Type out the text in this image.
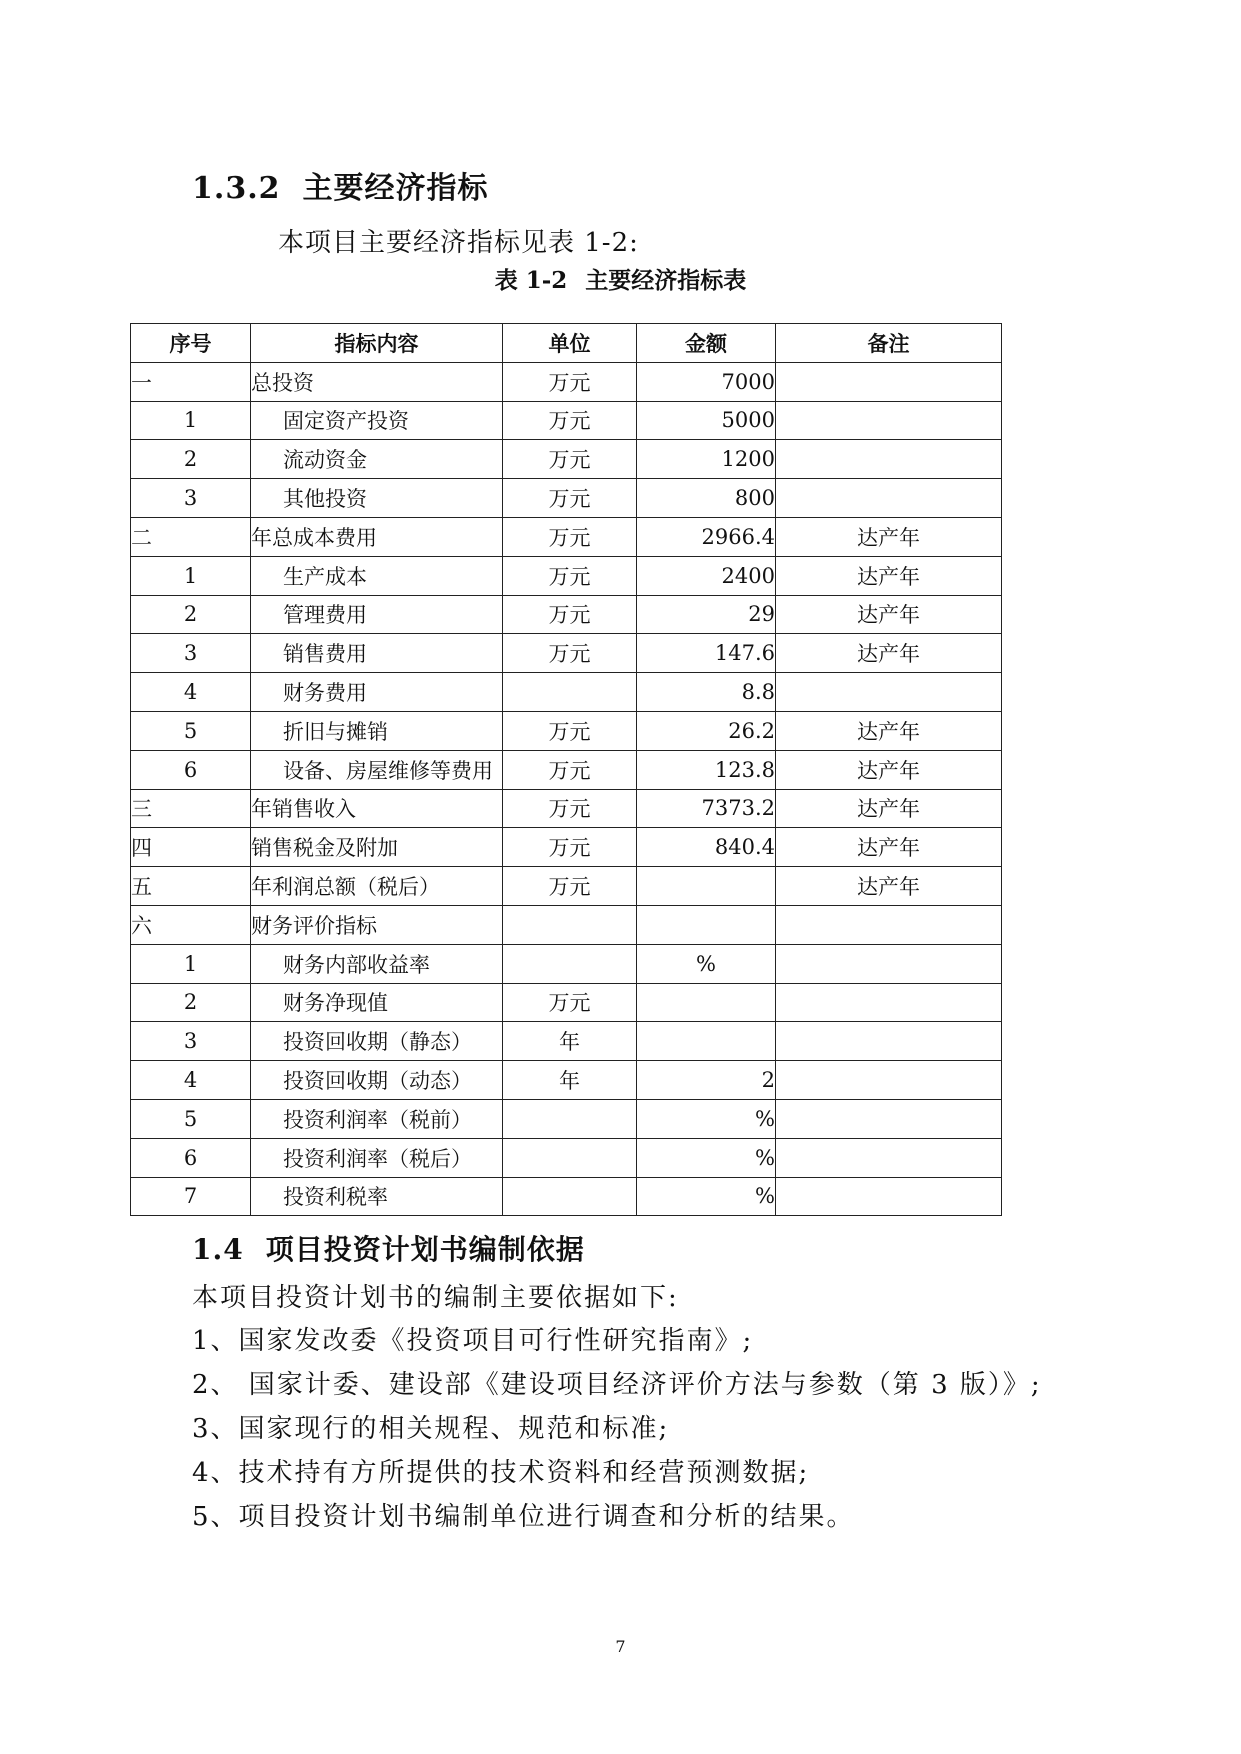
1.3.2 主要经济指标
本项目主要经济指标见表 1-2:
表 1-2 主要经济指标表
序号	指标内容	单位	金额	备注
一	总投资	万元	7000	
1	固定资产投资	万元	5000	
2	流动资金	万元	1200	
3	其他投资	万元	800	
二	年总成本费用	万元	2966.4	达产年
1	生产成本	万元	2400	达产年
2	管理费用	万元	29	达产年
3	销售费用	万元	147.6	达产年
4	财务费用		8.8	
5	折旧与摊销	万元	26.2	达产年
6	设备、房屋维修等费用	万元	123.8	达产年
三	年销售收入	万元	7373.2	达产年
四	销售税金及附加	万元	840.4	达产年
五	年利润总额（税后）	万元		达产年
六	财务评价指标			
1	财务内部收益率		%	
2	财务净现值	万元		
3	投资回收期（静态）	年		
4	投资回收期（动态）	年	2	
5	投资利润率（税前）		%	
6	投资利润率（税后）		%	
7	投资利税率		%	
1.4 项目投资计划书编制依据
本项目投资计划书的编制主要依据如下:
1、国家发改委《投资项目可行性研究指南》;
2、 国家计委、建设部《建设项目经济评价方法与参数（第 3 版）》;
3、国家现行的相关规程、规范和标准;
4、技术持有方所提供的技术资料和经营预测数据;
5、项目投资计划书编制单位进行调查和分析的结果。
7
